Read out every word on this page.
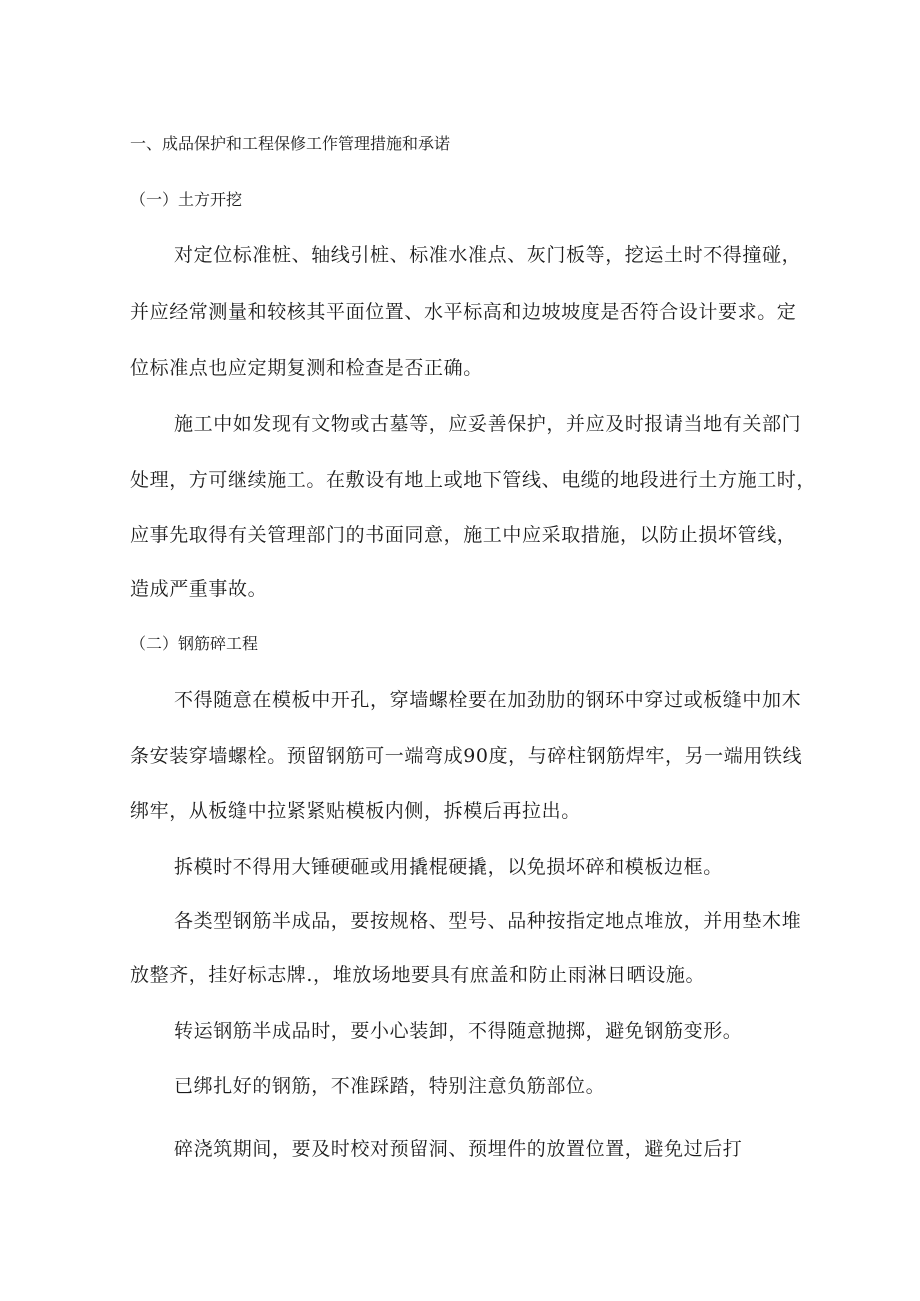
一、成品保护和工程保修工作管理措施和承诺

（一）土方开挖

对定位标准桩、轴线引桩、标准水准点、灰门板等，挖运土时不得撞碰，

并应经常测量和较核其平面位置、水平标高和边坡坡度是否符合设计要求。定

位标准点也应定期复测和检查是否正确。

施工中如发现有文物或古墓等，应妥善保护，并应及时报请当地有关部门

处理，方可继续施工。在敷设有地上或地下管线、电缆的地段进行土方施工时，

应事先取得有关管理部门的书面同意，施工中应采取措施，以防止损坏管线，

造成严重事故。

（二）钢筋碎工程

不得随意在模板中开孔，穿墙螺栓要在加劲肋的钢环中穿过或板缝中加木

条安装穿墙螺栓。预留钢筋可一端弯成90度，与碎柱钢筋焊牢，另一端用铁线

绑牢，从板缝中拉紧紧贴模板内侧，拆模后再拉出。

拆模时不得用大锤硬砸或用撬棍硬撬，以免损坏碎和模板边框。

各类型钢筋半成品，要按规格、型号、品种按指定地点堆放，并用垫木堆

放整齐，挂好标志牌.，堆放场地要具有庶盖和防止雨淋日晒设施。

转运钢筋半成品时，要小心装卸，不得随意抛掷，避免钢筋变形。

已绑扎好的钢筋，不准踩踏，特别注意负筋部位。

碎浇筑期间，要及时校对预留洞、预埋件的放置位置，避免过后打
